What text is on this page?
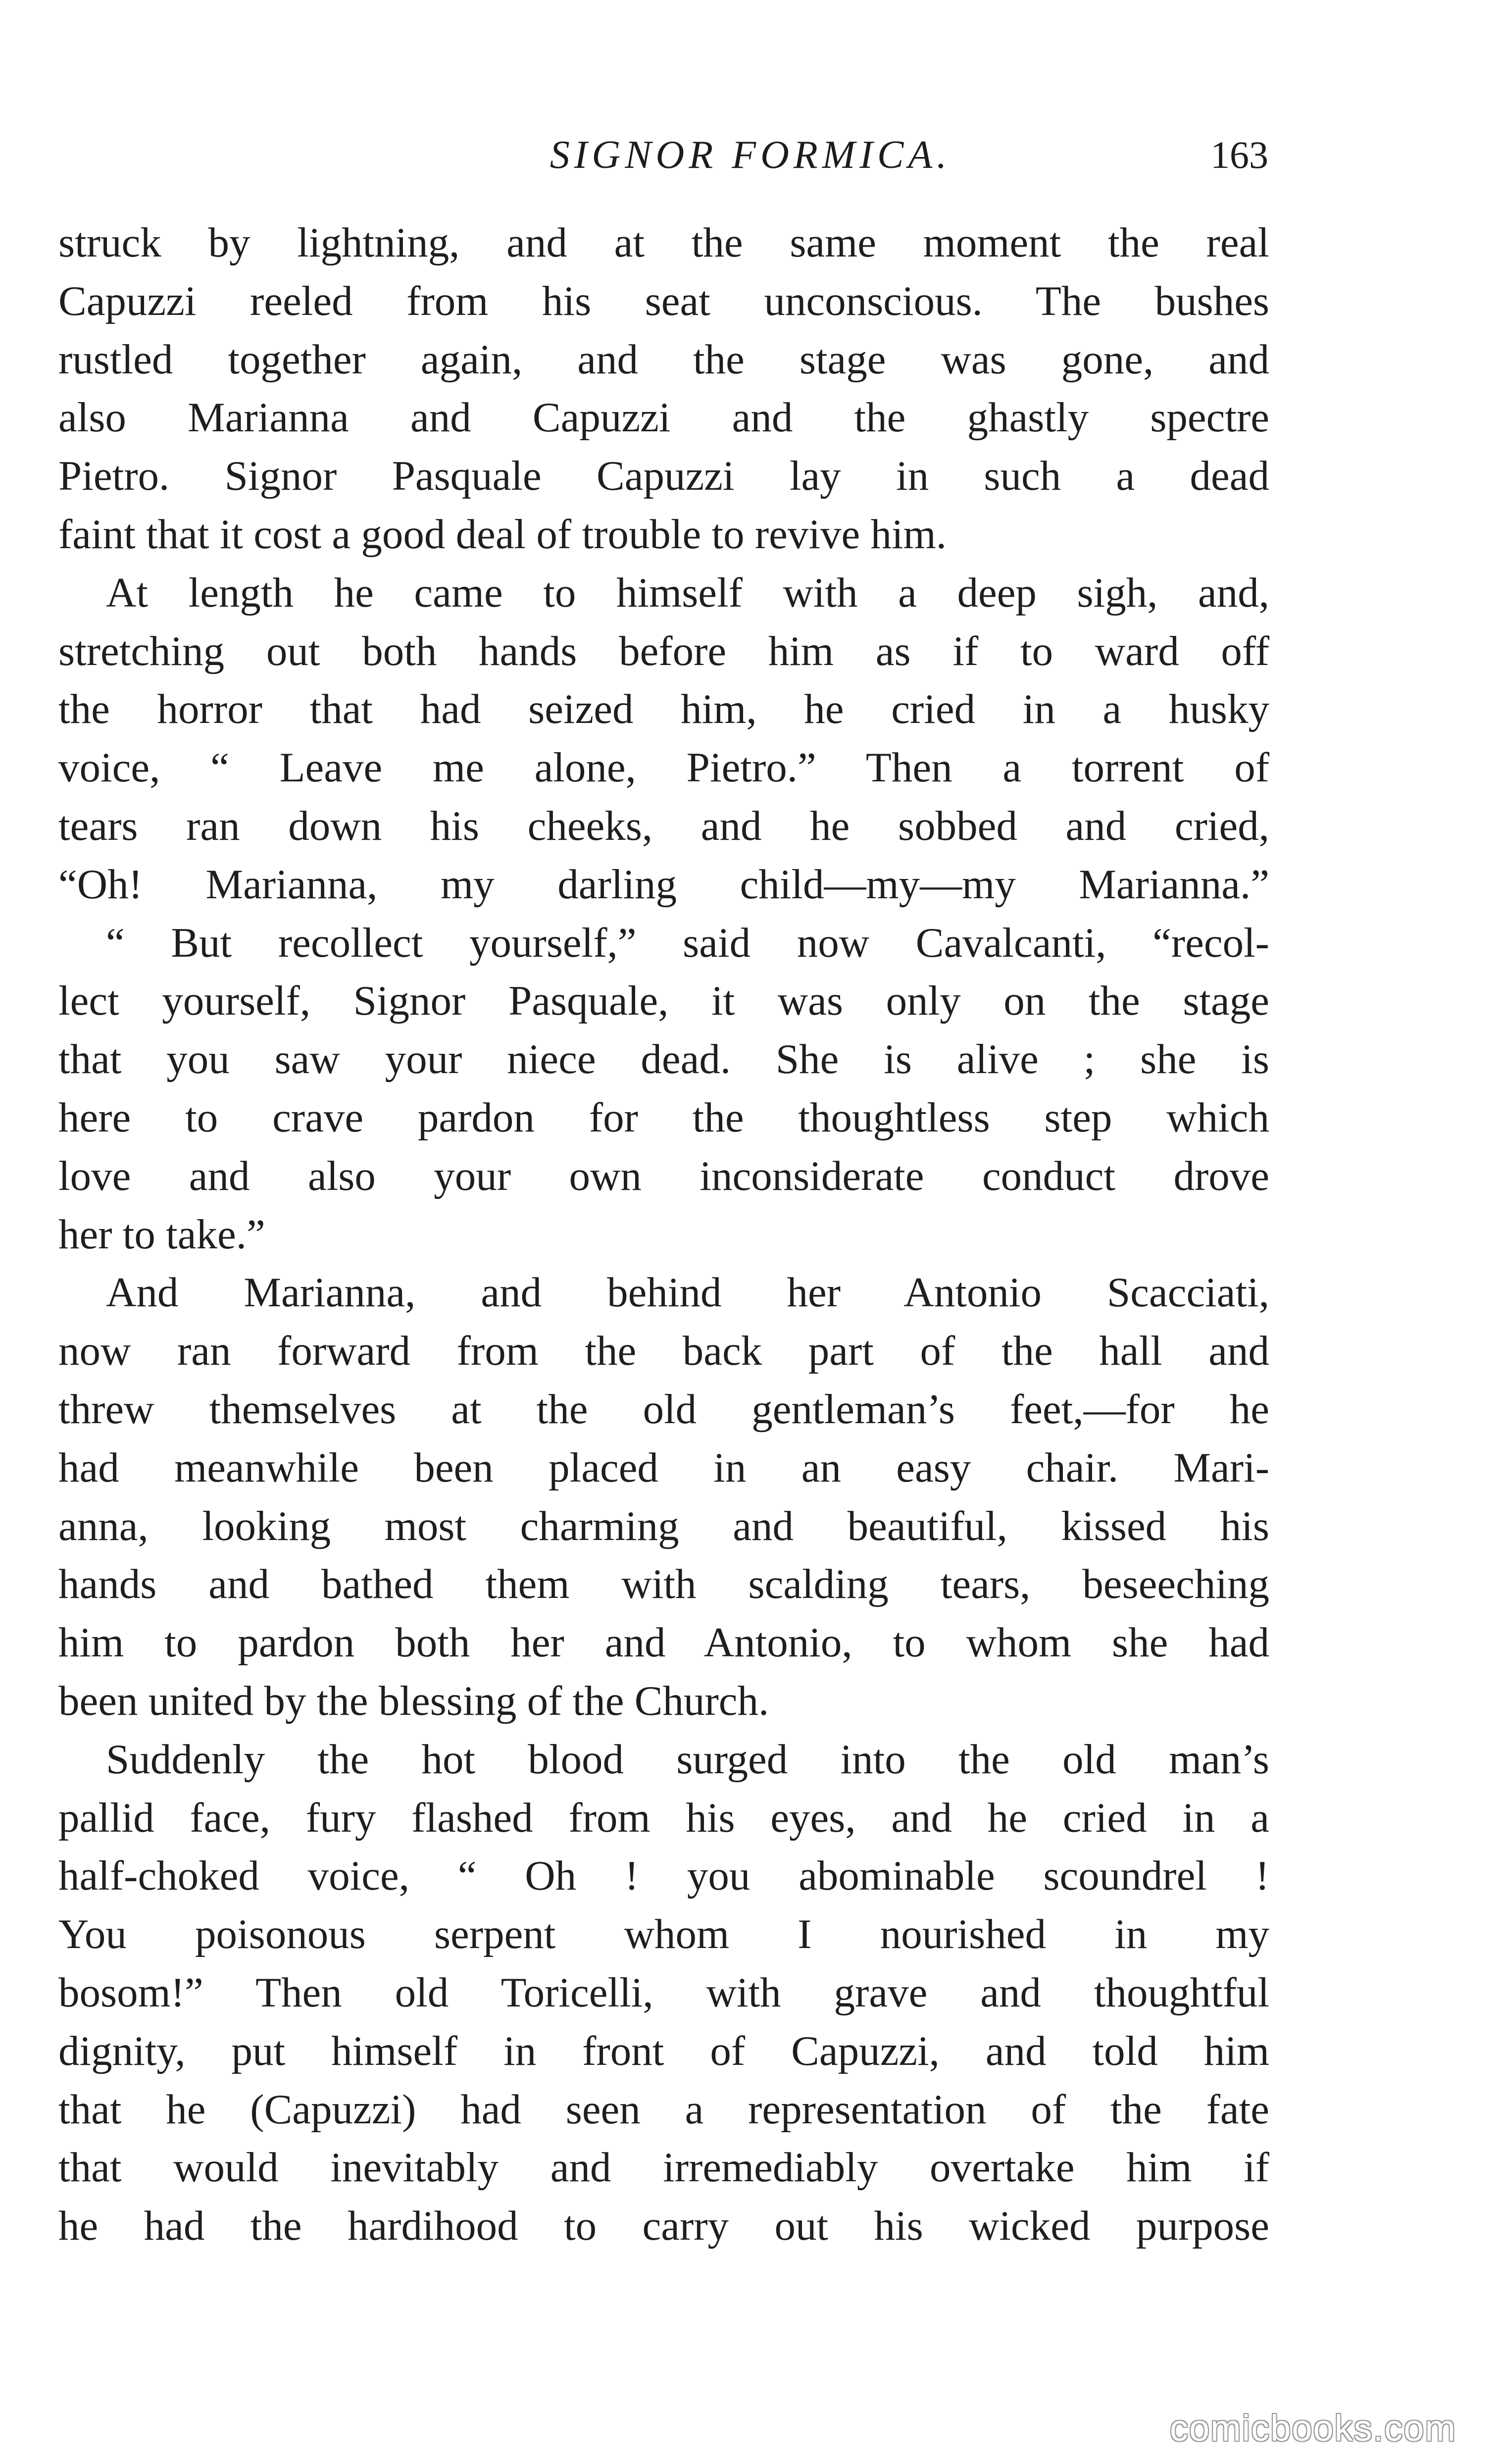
SIGNOR FORMICA.	163

struck by lightning, and at the same moment the real
Capuzzi reeled from his seat unconscious. The bushes
rustled together again, and the stage was gone, and
also Marianna and Capuzzi and the ghastly spectre
Pietro. Signor Pasquale Capuzzi lay in such a dead
faint that it cost a good deal of trouble to revive him.

At length he came to himself with a deep sigh, and,
stretching out both hands before him as if to ward off
the horror that had seized him, he cried in a husky
voice, “ Leave me alone, Pietro.” Then a torrent of
tears ran down his cheeks, and he sobbed and cried,
“Oh! Marianna, my darling child—my—my Marianna.”

“ But recollect yourself,” said now Cavalcanti, “recol-
lect yourself, Signor Pasquale, it was only on the stage
that you saw your niece dead. She is alive ; she is
here to crave pardon for the thoughtless step which
love and also your own inconsiderate conduct drove
her to take.”

And Marianna, and behind her Antonio Scacciati,
now ran forward from the back part of the hall and
threw themselves at the old gentleman’s feet,—for he
had meanwhile been placed in an easy chair. Mari-
anna, looking most charming and beautiful, kissed his
hands and bathed them with scalding tears, beseeching
him to pardon both her and Antonio, to whom she had
been united by the blessing of the Church.

Suddenly the hot blood surged into the old man’s
pallid face, fury flashed from his eyes, and he cried in a
half-choked voice, “ Oh ! you abominable scoundrel !
You poisonous serpent whom I nourished in my
bosom!” Then old Toricelli, with grave and thoughtful
dignity, put himself in front of Capuzzi, and told him
that he (Capuzzi) had seen a representation of the fate
that would inevitably and irremediably overtake him if
he had the hardihood to carry out his wicked purpose

comicbooks.com
